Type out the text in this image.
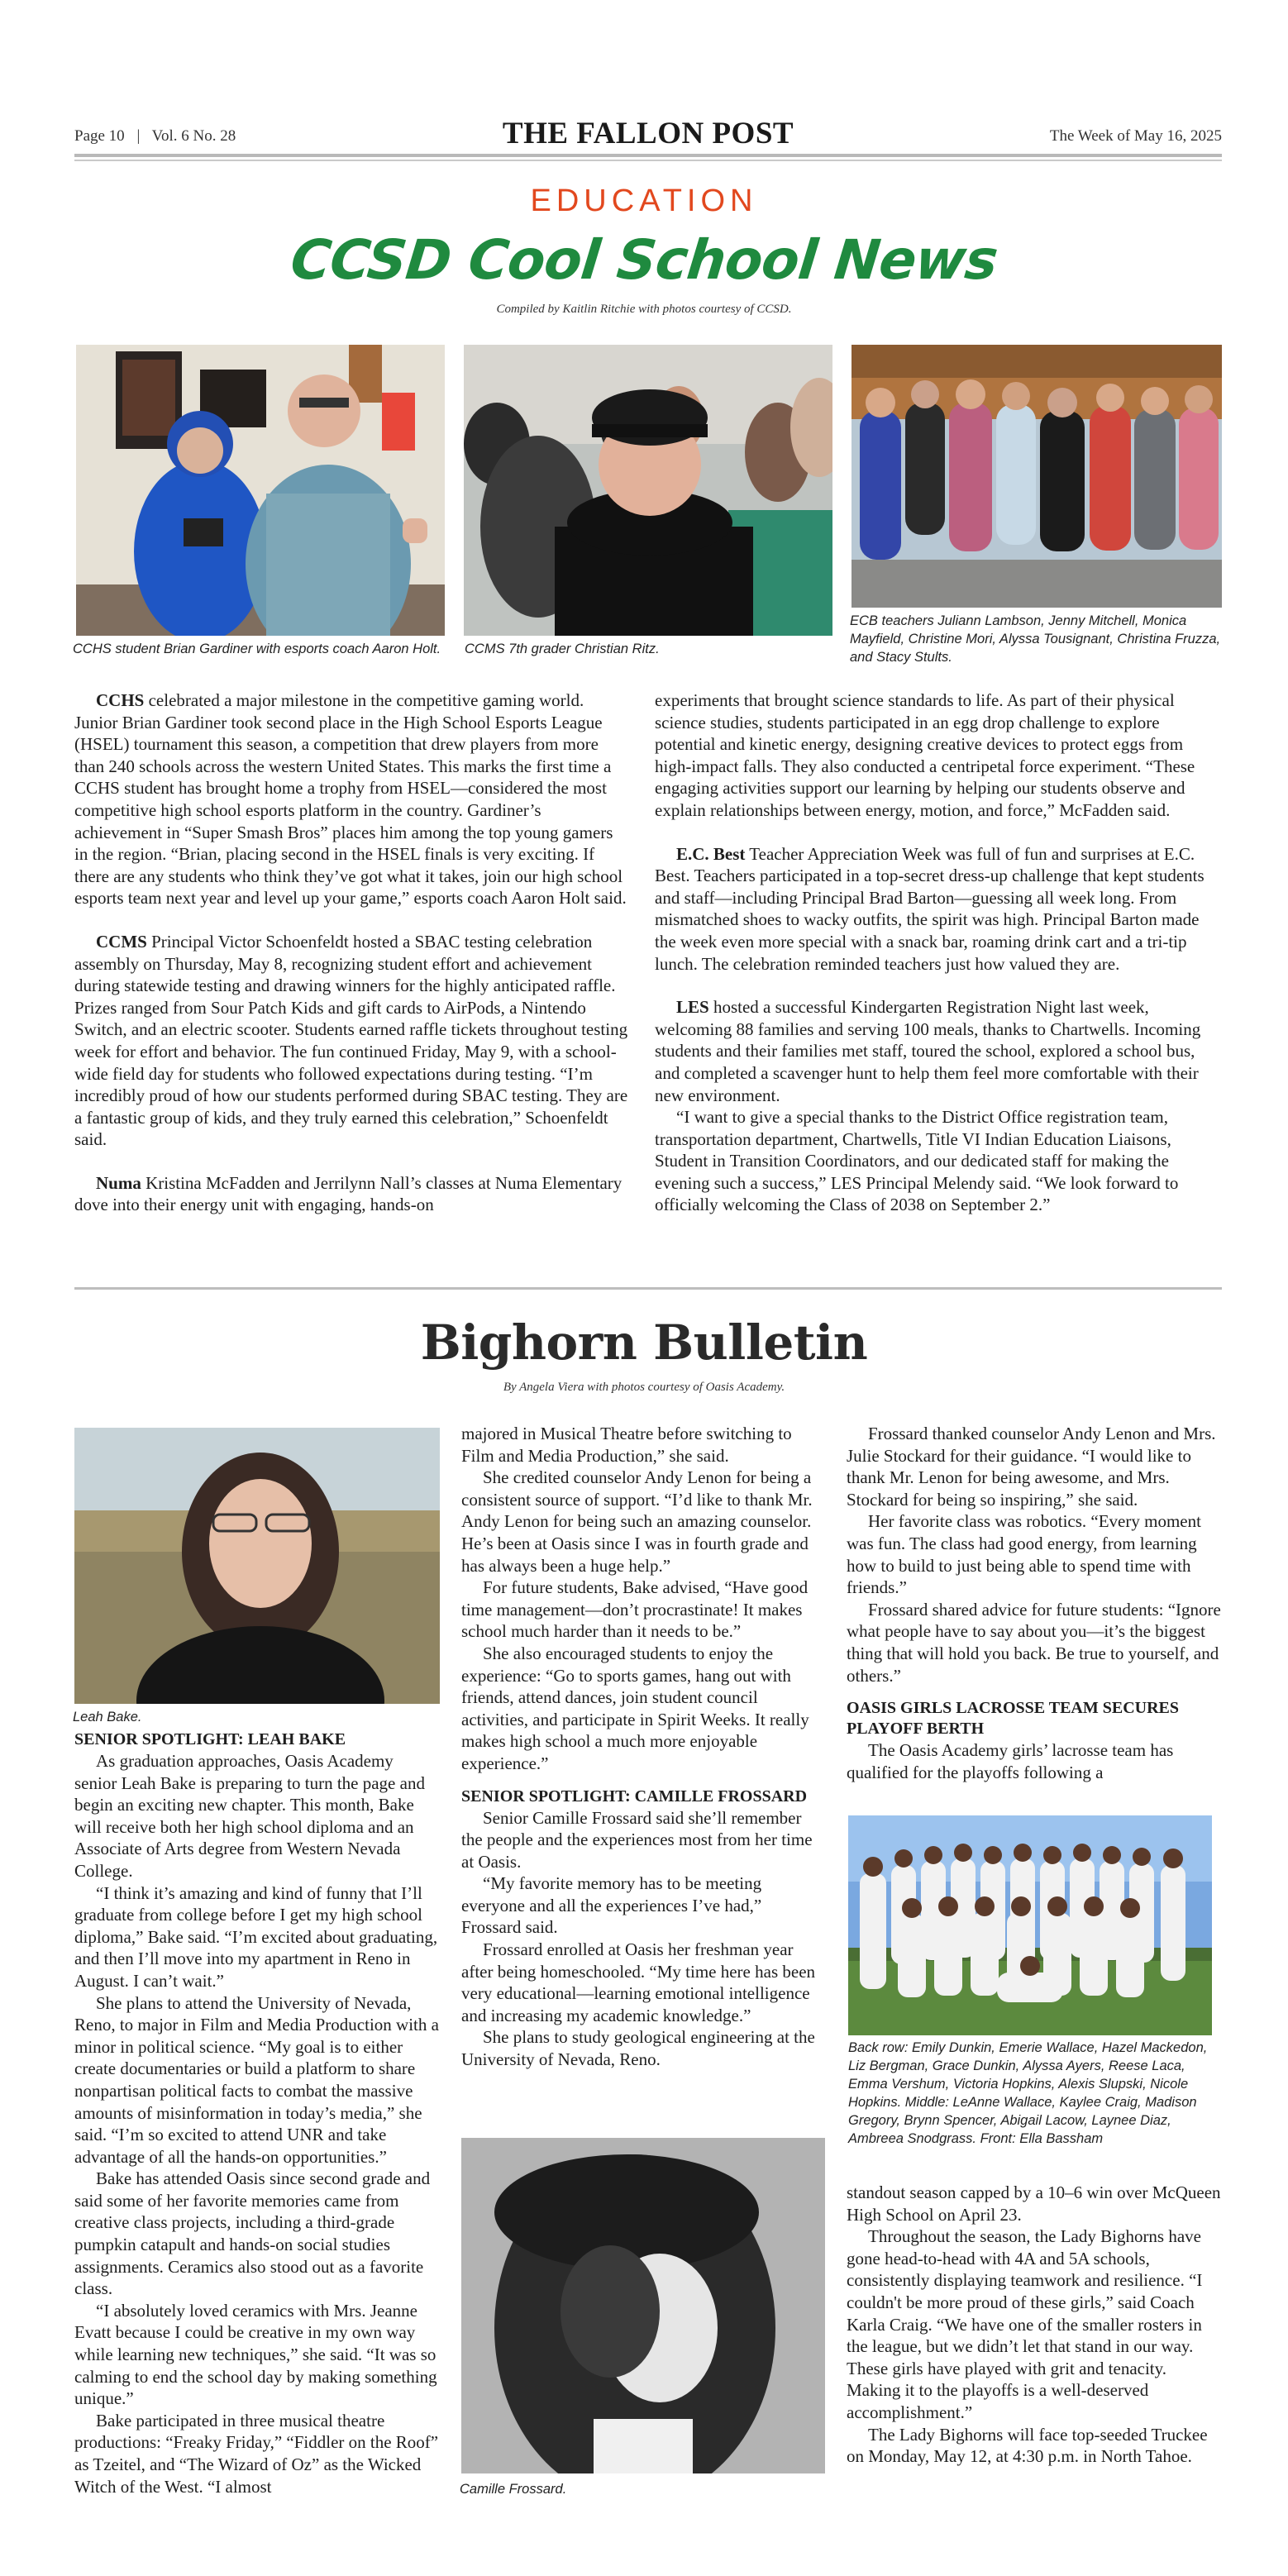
Page 10 | Vol. 6 No. 28	THE FALLON POST	The Week of May 16, 2025
EDUCATION
CCSD Cool School News
Compiled by Kaitlin Ritchie with photos courtesy of CCSD.
CCHS student Brian Gardiner with esports coach Aaron Holt.	CCMS 7th grader Christian Ritz.
ECB teachers Juliann Lambson, Jenny Mitchell, Monica Mayfield, Christine Mori, Alyssa Tousignant, Christina Fruzza, and Stacy Stults.

CCHS celebrated a major milestone in the competitive gaming world. Junior Brian Gardiner took second place in the High School Esports League (HSEL) tournament this season, a competition that drew players from more than 240 schools across the western United States. This marks the first time a CCHS student has brought home a trophy from HSEL—considered the most competitive high school esports platform in the country. Gardiner’s achievement in “Super Smash Bros” places him among the top young gamers in the region. “Brian, placing second in the HSEL finals is very exciting. If there are any students who think they’ve got what it takes, join our high school esports team next year and level up your game,” esports coach Aaron Holt said.

CCMS Principal Victor Schoenfeldt hosted a SBAC testing celebration assembly on Thursday, May 8, recognizing student effort and achievement during statewide testing and drawing winners for the highly anticipated raffle. Prizes ranged from Sour Patch Kids and gift cards to AirPods, a Nintendo Switch, and an electric scooter. Students earned raffle tickets throughout testing week for effort and behavior. The fun continued Friday, May 9, with a school-wide field day for students who followed expectations during testing. “I’m incredibly proud of how our students performed during SBAC testing. They are a fantastic group of kids, and they truly earned this celebration,” Schoenfeldt said.

Numa Kristina McFadden and Jerrilynn Nall’s classes at Numa Elementary dove into their energy unit with engaging, hands-on

experiments that brought science standards to life. As part of their physical science studies, students participated in an egg drop challenge to explore potential and kinetic energy, designing creative devices to protect eggs from high-impact falls. They also conducted a centripetal force experiment. “These engaging activities support our learning by helping our students observe and explain relationships between energy, motion, and force,” McFadden said.

E.C. Best Teacher Appreciation Week was full of fun and surprises at E.C. Best. Teachers participated in a top-secret dress-up challenge that kept students and staff—including Principal Brad Barton—guessing all week long. From mismatched shoes to wacky outfits, the spirit was high. Principal Barton made the week even more special with a snack bar, roaming drink cart and a tri-tip lunch. The celebration reminded teachers just how valued they are.

LES hosted a successful Kindergarten Registration Night last week, welcoming 88 families and serving 100 meals, thanks to Chartwells. Incoming students and their families met staff, toured the school, explored a school bus, and completed a scavenger hunt to help them feel more comfortable with their new environment.

“I want to give a special thanks to the District Office registration team, transportation department, Chartwells, Title VI Indian Education Liaisons, Student in Transition Coordinators, and our dedicated staff for making the evening such a success,” LES Principal Melendy said. “We look forward to officially welcoming the Class of 2038 on September 2.”

Bighorn Bulletin
By Angela Viera with photos courtesy of Oasis Academy.
Leah Bake.
SENIOR SPOTLIGHT: LEAH BAKE

As graduation approaches, Oasis Academy senior Leah Bake is preparing to turn the page and begin an exciting new chapter. This month, Bake will receive both her high school diploma and an Associate of Arts degree from Western Nevada College.

“I think it’s amazing and kind of funny that I’ll graduate from college before I get my high school diploma,” Bake said. “I’m excited about graduating, and then I’ll move into my apartment in Reno in August. I can’t wait.”

She plans to attend the University of Nevada, Reno, to major in Film and Media Production with a minor in political science. “My goal is to either create documentaries or build a platform to share nonpartisan political facts to combat the massive amounts of misinformation in today’s media,” she said. “I’m so excited to attend UNR and take advantage of all the hands-on opportunities.”

Bake has attended Oasis since second grade and said some of her favorite memories came from creative class projects, including a third-grade pumpkin catapult and hands-on social studies assignments. Ceramics also stood out as a favorite class.

“I absolutely loved ceramics with Mrs. Jeanne Evatt because I could be creative in my own way while learning new techniques,” she said. “It was so calming to end the school day by making something unique.”

Bake participated in three musical theatre productions: “Freaky Friday,” “Fiddler on the Roof” as Tzeitel, and “The Wizard of Oz” as the Wicked Witch of the West. “I almost

majored in Musical Theatre before switching to Film and Media Production,” she said.

She credited counselor Andy Lenon for being a consistent source of support. “I’d like to thank Mr. Andy Lenon for being such an amazing counselor. He’s been at Oasis since I was in fourth grade and has always been a huge help.”

For future students, Bake advised, “Have good time management—don’t procrastinate! It makes school much harder than it needs to be.”

She also encouraged students to enjoy the experience: “Go to sports games, hang out with friends, attend dances, join student council activities, and participate in Spirit Weeks. It really makes high school a much more enjoyable experience.”

SENIOR SPOTLIGHT: CAMILLE FROSSARD

Senior Camille Frossard said she’ll remember the people and the experiences most from her time at Oasis.

“My favorite memory has to be meeting everyone and all the experiences I’ve had,” Frossard said.

Frossard enrolled at Oasis her freshman year after being homeschooled. “My time here has been very educational—learning emotional intelligence and increasing my academic knowledge.”

She plans to study geological engineering at the University of Nevada, Reno.

Camille Frossard.

Frossard thanked counselor Andy Lenon and Mrs. Julie Stockard for their guidance. “I would like to thank Mr. Lenon for being awesome, and Mrs. Stockard for being so inspiring,” she said.

Her favorite class was robotics. “Every moment was fun. The class had good energy, from learning how to build to just being able to spend time with friends.”

Frossard shared advice for future students: “Ignore what people have to say about you—it’s the biggest thing that will hold you back. Be true to yourself, and others.”

OASIS GIRLS LACROSSE TEAM SECURES PLAYOFF BERTH

The Oasis Academy girls’ lacrosse team has qualified for the playoffs following a

Back row: Emily Dunkin, Emerie Wallace, Hazel Mackedon, Liz Bergman, Grace Dunkin, Alyssa Ayers, Reese Laca, Emma Vershum, Victoria Hopkins, Alexis Slupski, Nicole Hopkins. Middle: LeAnne Wallace, Kaylee Craig, Madison Gregory, Brynn Spencer, Abigail Lacow, Laynee Diaz, Ambreea Snodgrass. Front: Ella Bassham

standout season capped by a 10–6 win over McQueen High School on April 23.

Throughout the season, the Lady Bighorns have gone head-to-head with 4A and 5A schools, consistently displaying teamwork and resilience. “I couldn't be more proud of these girls,” said Coach Karla Craig. “We have one of the smaller rosters in the league, but we didn’t let that stand in our way. These girls have played with grit and tenacity. Making it to the playoffs is a well-deserved accomplishment.”

The Lady Bighorns will face top-seeded Truckee on Monday, May 12, at 4:30 p.m. in North Tahoe.
